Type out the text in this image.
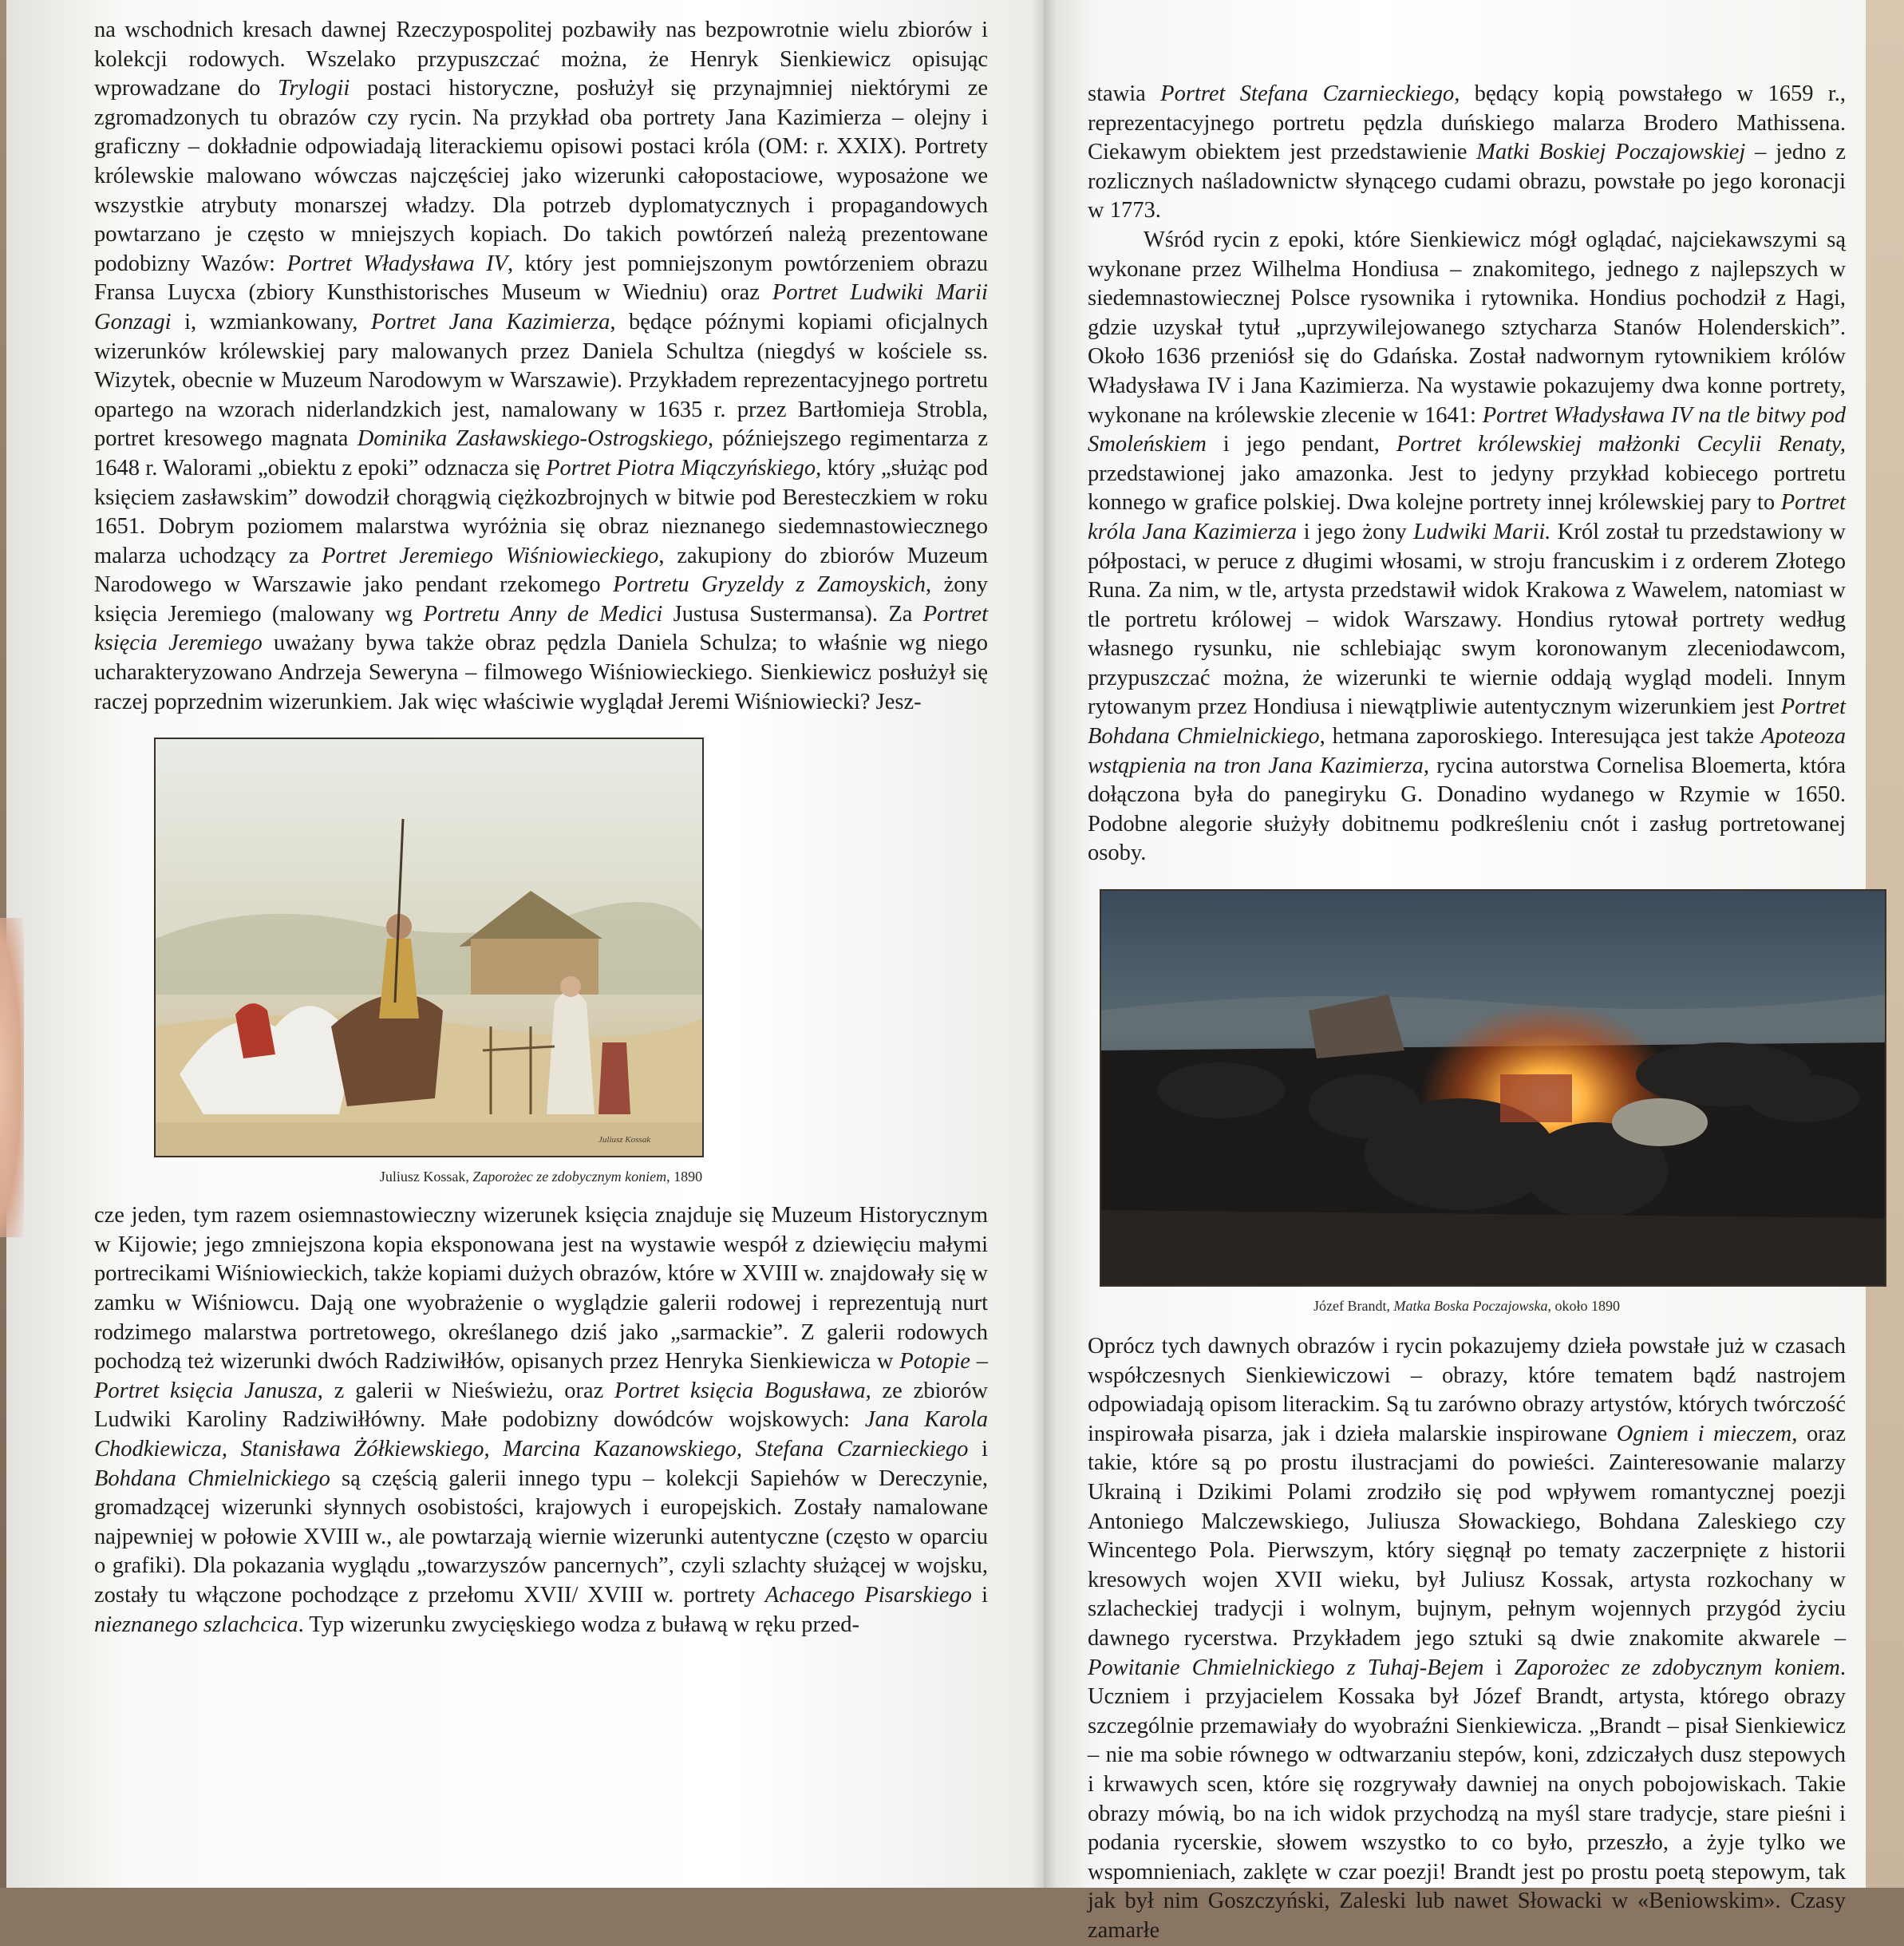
na wschodnich kresach dawnej Rzeczypospolitej pozbawiły nas bezpowrotnie wielu zbiorów i kolekcji rodowych. Wszelako przypuszczać można, że Henryk Sienkiewicz opisując wprowadzane do Trylogii postaci historyczne, posłużył się przynajmniej niektórymi ze zgromadzonych tu obrazów czy rycin. Na przykład oba portrety Jana Kazimierza – olejny i graficzny – dokładnie odpowiadają literackiemu opisowi postaci króla (OM: r. XXIX). Portrety królewskie malowano wówczas najczęściej jako wizerunki całopostaciowe, wyposażone we wszystkie atrybuty monarszej władzy. Dla potrzeb dyplomatycznych i propagandowych powtarzano je często w mniejszych kopiach. Do takich powtórzeń należą prezentowane podobizny Wazów: Portret Władysława IV, który jest pomniejszonym powtórzeniem obrazu Fransa Luycxa (zbiory Kunsthistorisches Museum w Wiedniu) oraz Portret Ludwiki Marii Gonzagi i, wzmiankowany, Portret Jana Kazimierza, będące późnymi kopiami oficjalnych wizerunków królewskiej pary malowanych przez Daniela Schultza (niegdyś w kościele ss. Wizytek, obecnie w Muzeum Narodowym w Warszawie). Przykładem reprezentacyjnego portretu opartego na wzorach niderlandzkich jest, namalowany w 1635 r. przez Bartłomieja Strobla, portret kresowego magnata Dominika Zasławskiego-Ostrogskiego, późniejszego regimentarza z 1648 r. Walorami „obiektu z epoki” odznacza się Portret Piotra Miączyńskiego, który „służąc pod księciem zasławskim” dowodził chorągwią ciężkozbrojnych w bitwie pod Beresteczkiem w roku 1651. Dobrym poziomem malarstwa wyróżnia się obraz nieznanego siedemnastowiecznego malarza uchodzący za Portret Jeremiego Wiśniowieckiego, zakupiony do zbiorów Muzeum Narodowego w Warszawie jako pendant rzekomego Portretu Gryzeldy z Zamoyskich, żony księcia Jeremiego (malowany wg Portretu Anny de Medici Justusa Sustermansa). Za Portret księcia Jeremiego uważany bywa także obraz pędzla Daniela Schulza; to właśnie wg niego ucharakteryzowano Andrzeja Seweryna – filmowego Wiśniowieckiego. Sienkiewicz posłużył się raczej poprzednim wizerunkiem. Jak więc właściwie wyglądał Jeremi Wiśniowiecki? Jesz-

Juliusz Kossak
Juliusz Kossak, Zaporożec ze zdobycznym koniem, 1890

cze jeden, tym razem osiemnastowieczny wizerunek księcia znajduje się Muzeum Historycznym w Kijowie; jego zmniejszona kopia eksponowana jest na wystawie wespół z dziewięciu małymi portrecikami Wiśniowieckich, także kopiami dużych obrazów, które w XVIII w. znajdowały się w zamku w Wiśniowcu. Dają one wyobrażenie o wyglądzie galerii rodowej i reprezentują nurt rodzimego malarstwa portretowego, określanego dziś jako „sarmackie”. Z galerii rodowych pochodzą też wizerunki dwóch Radziwiłłów, opisanych przez Henryka Sienkiewicza w Potopie – Portret księcia Janusza, z galerii w Nieświeżu, oraz Portret księcia Bogusława, ze zbiorów Ludwiki Karoliny Radziwiłłówny. Małe podobizny dowódców wojskowych: Jana Karola Chodkiewicza, Stanisława Żółkiewskiego, Marcina Kazanowskiego, Stefana Czarnieckiego i Bohdana Chmielnickiego są częścią galerii innego typu – kolekcji Sapiehów w Dereczynie, gromadzącej wizerunki słynnych osobistości, krajowych i europejskich. Zostały namalowane najpewniej w połowie XVIII w., ale powtarzają wiernie wizerunki autentyczne (często w oparciu o grafiki). Dla pokazania wyglądu „towarzyszów pancernych”, czyli szlachty służącej w wojsku, zostały tu włączone pochodzące z przełomu XVII/ XVIII w. portrety Achacego Pisarskiego i nieznanego szlachcica. Typ wizerunku zwycięskiego wodza z buławą w ręku przed-

stawia Portret Stefana Czarnieckiego, będący kopią powstałego w 1659 r., reprezentacyjnego portretu pędzla duńskiego malarza Brodero Mathissena. Ciekawym obiektem jest przedstawienie Matki Boskiej Poczajowskiej – jedno z rozlicznych naśladownictw słynącego cudami obrazu, powstałe po jego koronacji w 1773.

Wśród rycin z epoki, które Sienkiewicz mógł oglądać, najciekawszymi są wykonane przez Wilhelma Hondiusa – znakomitego, jednego z najlepszych w siedemnastowiecznej Polsce rysownika i rytownika. Hondius pochodził z Hagi, gdzie uzyskał tytuł „uprzywilejowanego sztycharza Stanów Holenderskich”. Około 1636 przeniósł się do Gdańska. Został nadwornym rytownikiem królów Władysława IV i Jana Kazimierza. Na wystawie pokazujemy dwa konne portrety, wykonane na królewskie zlecenie w 1641: Portret Władysława IV na tle bitwy pod Smoleńskiem i jego pendant, Portret królewskiej małżonki Cecylii Renaty, przedstawionej jako amazonka. Jest to jedyny przykład kobiecego portretu konnego w grafice polskiej. Dwa kolejne portrety innej królewskiej pary to Portret króla Jana Kazimierza i jego żony Ludwiki Marii. Król został tu przedstawiony w półpostaci, w peruce z długimi włosami, w stroju francuskim i z orderem Złotego Runa. Za nim, w tle, artysta przedstawił widok Krakowa z Wawelem, natomiast w tle portretu królowej – widok Warszawy. Hondius rytował portrety według własnego rysunku, nie schlebiając swym koronowanym zleceniodawcom, przypuszczać można, że wizerunki te wiernie oddają wygląd modeli. Innym rytowanym przez Hondiusa i niewątpliwie autentycznym wizerunkiem jest Portret Bohdana Chmielnickiego, hetmana zaporoskiego. Interesująca jest także Apoteoza wstąpienia na tron Jana Kazimierza, rycina autorstwa Cornelisa Bloemerta, która dołączona była do panegiryku G. Donadino wydanego w Rzymie w 1650. Podobne alegorie służyły dobitnemu podkreśleniu cnót i zasług portretowanej osoby.

Józef Brandt, Matka Boska Poczajowska, około 1890

Oprócz tych dawnych obrazów i rycin pokazujemy dzieła powstałe już w czasach współczesnych Sienkiewiczowi – obrazy, które tematem bądź nastrojem odpowiadają opisom literackim. Są tu zarówno obrazy artystów, których twórczość inspirowała pisarza, jak i dzieła malarskie inspirowane Ogniem i mieczem, oraz takie, które są po prostu ilustracjami do powieści. Zainteresowanie malarzy Ukrainą i Dzikimi Polami zrodziło się pod wpływem romantycznej poezji Antoniego Malczewskiego, Juliusza Słowackiego, Bohdana Zaleskiego czy Wincentego Pola. Pierwszym, który sięgnął po tematy zaczerpnięte z historii kresowych wojen XVII wieku, był Juliusz Kossak, artysta rozkochany w szlacheckiej tradycji i wolnym, bujnym, pełnym wojennych przygód życiu dawnego rycerstwa. Przykładem jego sztuki są dwie znakomite akwarele – Powitanie Chmielnickiego z Tuhaj-Bejem i Zaporożec ze zdobycznym koniem. Uczniem i przyjacielem Kossaka był Józef Brandt, artysta, którego obrazy szczególnie przemawiały do wyobraźni Sienkiewicza. „Brandt – pisał Sienkiewicz – nie ma sobie równego w odtwarzaniu stepów, koni, zdziczałych dusz stepowych i krwawych scen, które się rozgrywały dawniej na onych pobojowiskach. Takie obrazy mówią, bo na ich widok przychodzą na myśl stare tradycje, stare pieśni i podania rycerskie, słowem wszystko to co było, przeszło, a żyje tylko we wspomnieniach, zaklęte w czar poezji! Brandt jest po prostu poetą stepowym, tak jak był nim Goszczyński, Zaleski lub nawet Słowacki w «Beniowskim». Czasy zamarłe
